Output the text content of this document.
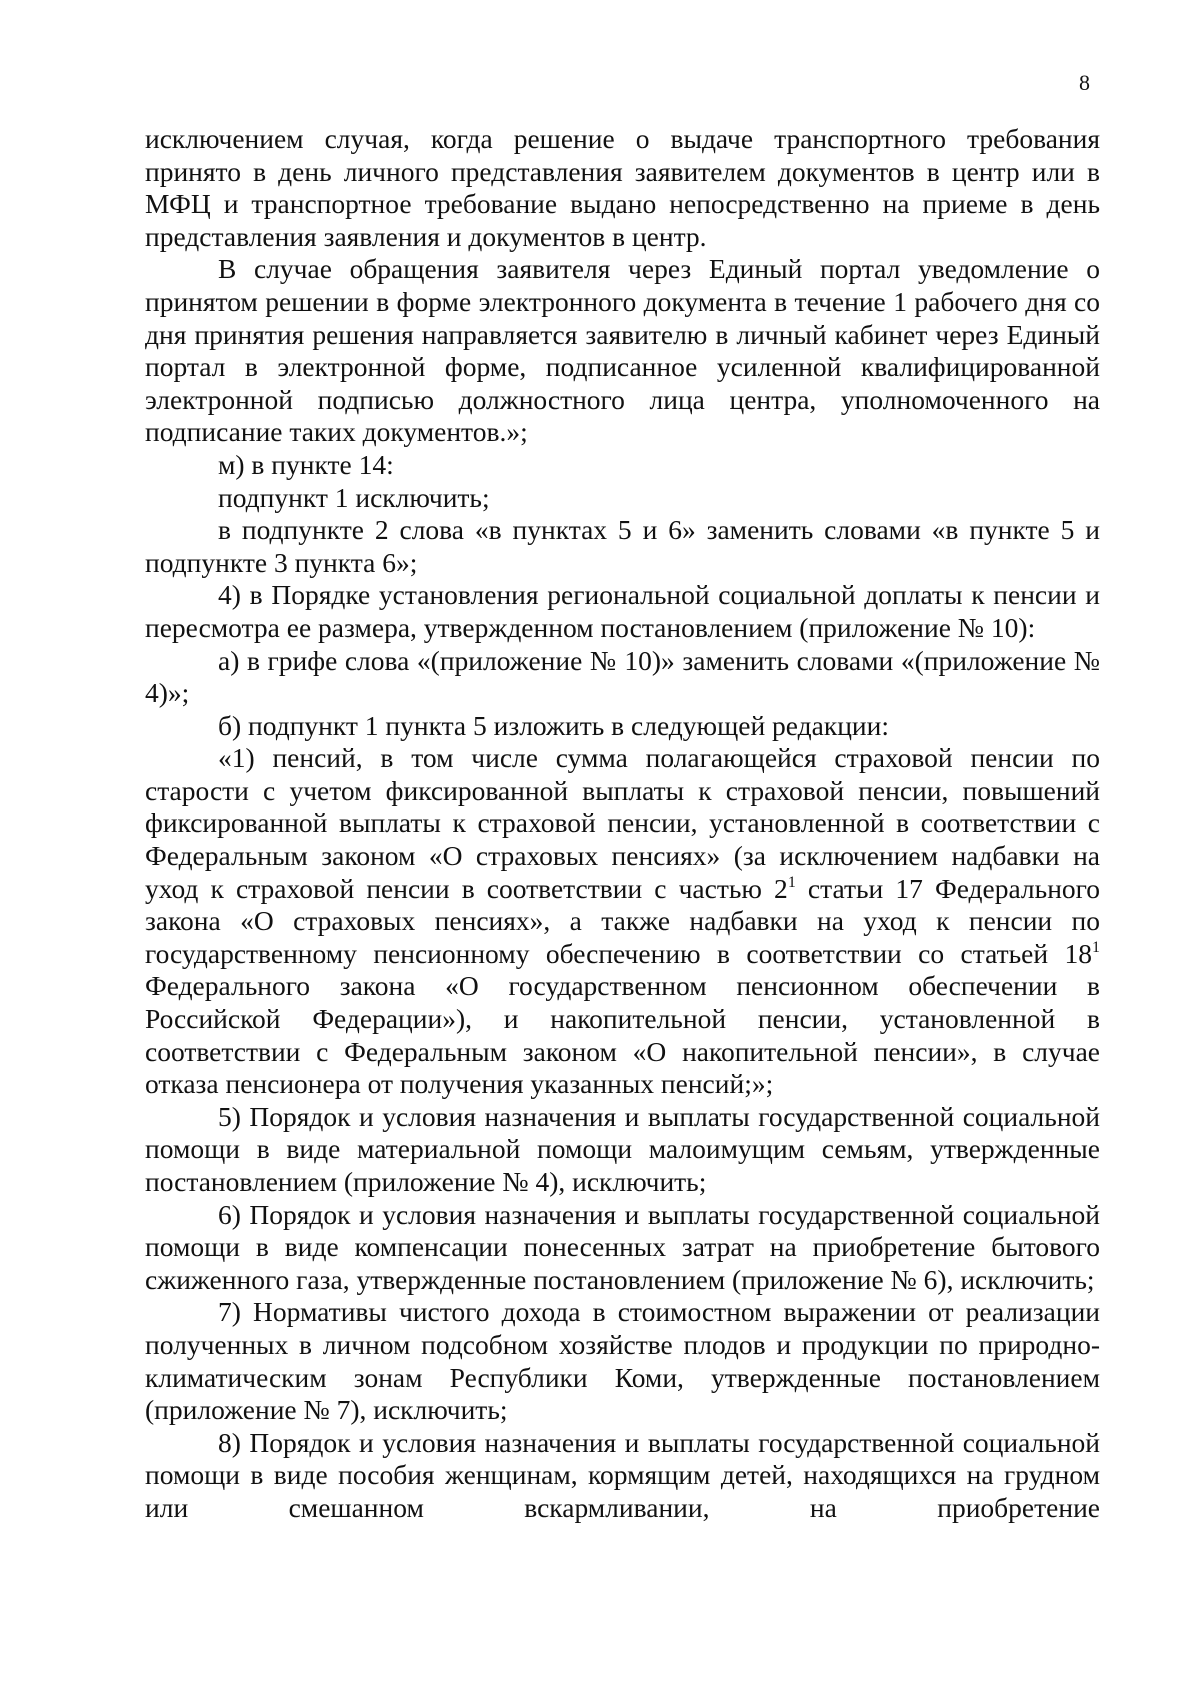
8

исключением случая, когда решение о выдаче транспортного требования принято в день личного представления заявителем документов в центр или в МФЦ и транспортное требование выдано непосредственно на приеме в день представления заявления и документов в центр.

В случае обращения заявителя через Единый портал уведомление о принятом решении в форме электронного документа в течение 1 рабочего дня со дня принятия решения направляется заявителю в личный кабинет через Единый портал в электронной форме, подписанное усиленной квалифицированной электронной подписью должностного лица центра, уполномоченного на подписание таких документов.»;

м) в пункте 14:

подпункт 1 исключить;

в подпункте 2 слова «в пунктах 5 и 6» заменить словами «в пункте 5 и подпункте 3 пункта 6»;

4) в Порядке установления региональной социальной доплаты к пенсии и пересмотра ее размера, утвержденном постановлением (приложение № 10):

а) в грифе слова «(приложение № 10)» заменить словами «(приложение № 4)»;

б) подпункт 1 пункта 5 изложить в следующей редакции:

«1) пенсий, в том числе сумма полагающейся страховой пенсии по старости с учетом фиксированной выплаты к страховой пенсии, повышений фиксированной выплаты к страховой пенсии, установленной в соответствии с Федеральным законом «О страховых пенсиях» (за исключением надбавки на уход к страховой пенсии в соответствии с частью $2^1$ статьи 17 Федерального закона «О страховых пенсиях», а также надбавки на уход к пенсии по государственному пенсионному обеспечению в соответствии со статьей $18^1$ Федерального закона «О государственном пенсионном обеспечении в Российской Федерации»), и накопительной пенсии, установленной в соответствии с Федеральным законом «О накопительной пенсии», в случае отказа пенсионера от получения указанных пенсий;»;

5) Порядок и условия назначения и выплаты государственной социальной помощи в виде материальной помощи малоимущим семьям, утвержденные постановлением (приложение № 4), исключить;

6) Порядок и условия назначения и выплаты государственной социальной помощи в виде компенсации понесенных затрат на приобретение бытового сжиженного газа, утвержденные постановлением (приложение № 6), исключить;

7) Нормативы чистого дохода в стоимостном выражении от реализации полученных в личном подсобном хозяйстве плодов и продукции по природно-климатическим зонам Республики Коми, утвержденные постановлением (приложение № 7), исключить;

8) Порядок и условия назначения и выплаты государственной социальной помощи в виде пособия женщинам, кормящим детей, находящихся на грудном или смешанном вскармливании, на приобретение
